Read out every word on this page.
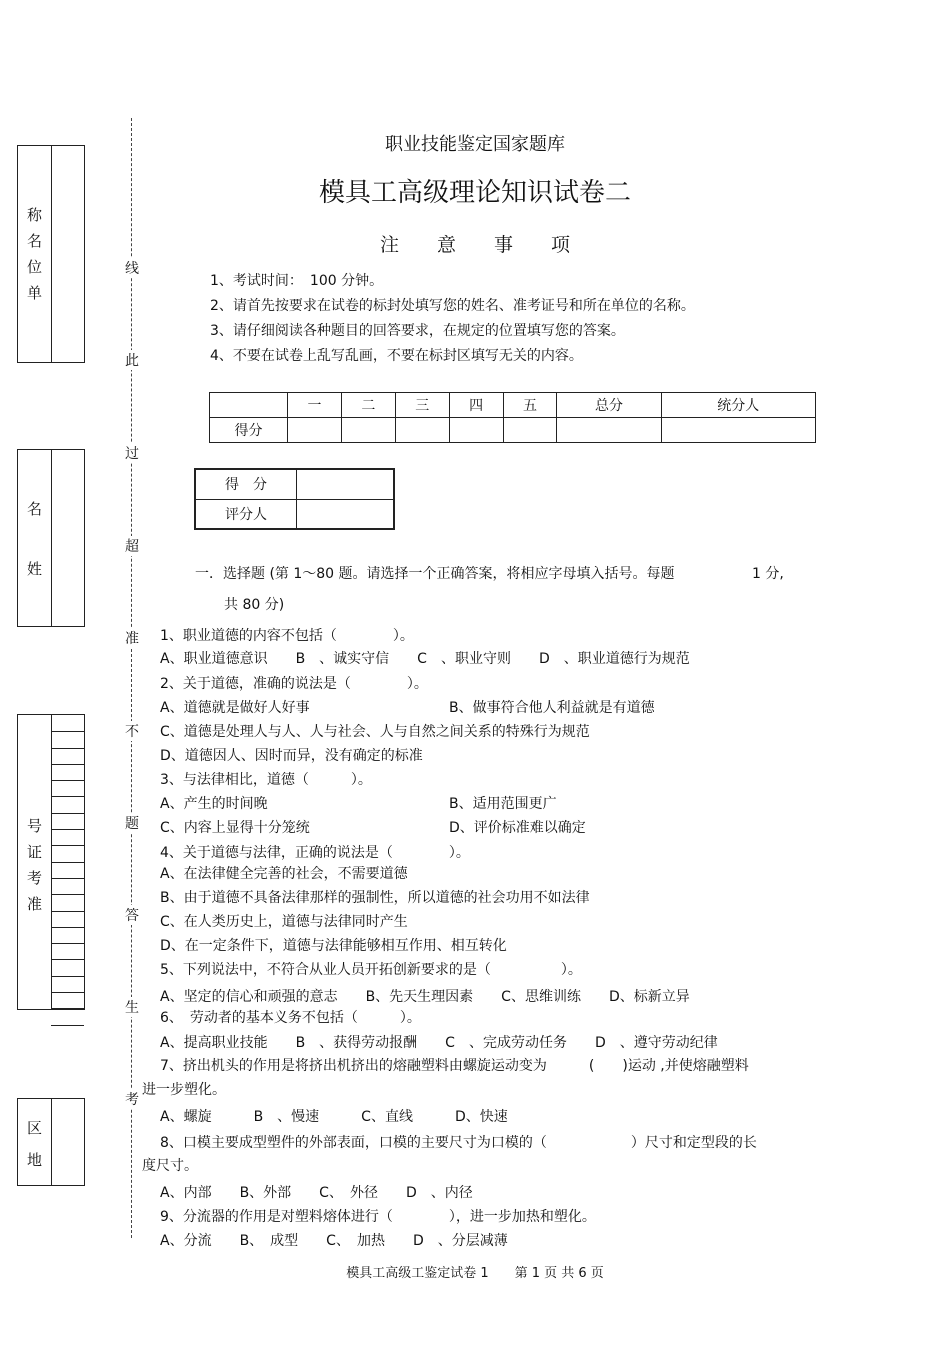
称
名
位
单
名
姓
号
证
考
准
区
地
线
此
过
超
准
不
题
答
生
考
职业技能鉴定国家题库
模具工高级理论知识试卷二
注　　意　　事　　项
1、考试时间：　100 分钟。
2、请首先按要求在试卷的标封处填写您的姓名、准考证号和所在单位的名称。
3、请仔细阅读各种题目的回答要求，在规定的位置填写您的答案。
4、不要在试卷上乱写乱画，不要在标封区填写无关的内容。
	一	二	三	四	五	总分	统分人
得分							
得　分	
评分人	
一．选择题 (第 1～80 题。请选择一个正确答案，将相应字母填入括号。每题	1 分,
共 80 分)
1、职业道德的内容不包括（　　　　）。
A、职业道德意识　　B　、诚实守信　　C　、职业守则　　D　、职业道德行为规范
2、关于道德，准确的说法是（　　　　）。
A、道德就是做好人好事	B、做事符合他人利益就是有道德
C、道德是处理人与人、人与社会、人与自然之间关系的特殊行为规范
D、道德因人、因时而异，没有确定的标准
3、与法律相比，道德（　　　）。
A、产生的时间晚	B、适用范围更广
C、内容上显得十分笼统	D、评价标准难以确定
4、关于道德与法律，正确的说法是（　　　　）。
A、在法律健全完善的社会，不需要道德
B、由于道德不具备法律那样的强制性，所以道德的社会功用不如法律
C、在人类历史上，道德与法律同时产生
D、在一定条件下，道德与法律能够相互作用、相互转化
5、下列说法中，不符合从业人员开拓创新要求的是（　　　　　）。
A、坚定的信心和顽强的意志　　B、先天生理因素　　C、思维训练　　D、标新立异
6、　劳动者的基本义务不包括（　　　）。
A、提高职业技能　　B　、获得劳动报酬　　C　、完成劳动任务　　D　、遵守劳动纪律
7、挤出机头的作用是将挤出机挤出的熔融塑料由螺旋运动变为　　　(　　)运动 ,并使熔融塑料
进一步塑化。
A、螺旋　　　B　、慢速　　　C、直线　　　D、快速
8、口模主要成型塑件的外部表面，口模的主要尺寸为口模的（　　　　　　）尺寸和定型段的长
度尺寸。
A、内部　　B、外部　　C、　外径　　D　、内径
9、分流器的作用是对塑料熔体进行（　　　　），进一步加热和塑化。
A、分流　　B、　成型　　C、　加热　　D　、分层减薄
模具工高级工鉴定试卷 1　　第 1 页 共 6 页
